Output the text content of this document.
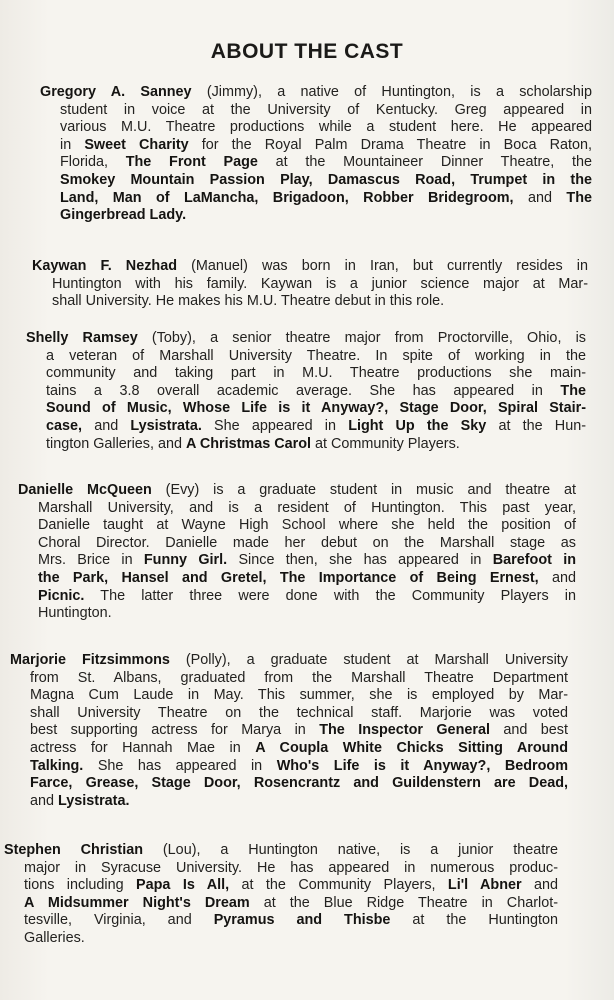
ABOUT THE CAST
Gregory A. Sanney (Jimmy), a native of Huntington, is a scholarship
student in voice at the University of Kentucky. Greg appeared in
various M.U. Theatre productions while a student here. He appeared
in Sweet Charity for the Royal Palm Drama Theatre in Boca Raton,
Florida, The Front Page at the Mountaineer Dinner Theatre, the
Smokey Mountain Passion Play, Damascus Road, Trumpet in the
Land, Man of LaMancha, Brigadoon, Robber Bridegroom, and The
Gingerbread Lady.
Kaywan F. Nezhad (Manuel) was born in Iran, but currently resides in
Huntington with his family. Kaywan is a junior science major at Mar-
shall University. He makes his M.U. Theatre debut in this role.
Shelly Ramsey (Toby), a senior theatre major from Proctorville, Ohio, is
a veteran of Marshall University Theatre. In spite of working in the
community and taking part in M.U. Theatre productions she main-
tains a 3.8 overall academic average. She has appeared in The
Sound of Music, Whose Life is it Anyway?, Stage Door, Spiral Stair-
case, and Lysistrata. She appeared in Light Up the Sky at the Hun-
tington Galleries, and A Christmas Carol at Community Players.
Danielle McQueen (Evy) is a graduate student in music and theatre at
Marshall University, and is a resident of Huntington. This past year,
Danielle taught at Wayne High School where she held the position of
Choral Director. Danielle made her debut on the Marshall stage as
Mrs. Brice in Funny Girl. Since then, she has appeared in Barefoot in
the Park, Hansel and Gretel, The Importance of Being Ernest, and
Picnic. The latter three were done with the Community Players in
Huntington.
Marjorie Fitzsimmons (Polly), a graduate student at Marshall University
from St. Albans, graduated from the Marshall Theatre Department
Magna Cum Laude in May. This summer, she is employed by Mar-
shall University Theatre on the technical staff. Marjorie was voted
best supporting actress for Marya in The Inspector General and best
actress for Hannah Mae in A Coupla White Chicks Sitting Around
Talking. She has appeared in Who's Life is it Anyway?, Bedroom
Farce, Grease, Stage Door, Rosencrantz and Guildenstern are Dead,
and Lysistrata.
Stephen Christian (Lou), a Huntington native, is a junior theatre
major in Syracuse University. He has appeared in numerous produc-
tions including Papa Is All, at the Community Players, Li'l Abner and
A Midsummer Night's Dream at the Blue Ridge Theatre in Charlot-
tesville, Virginia, and Pyramus and Thisbe at the Huntington
Galleries.
